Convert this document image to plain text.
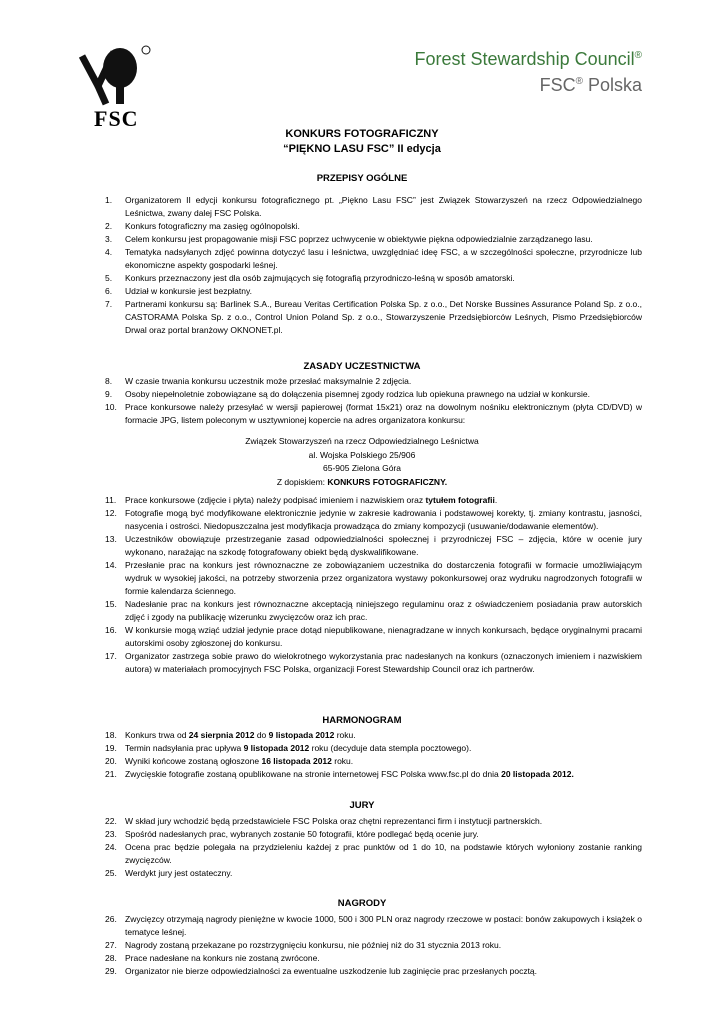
FSC
Forest Stewardship Council®
FSC® Polska
KONKURS FOTOGRAFICZNY
“PIĘKNO LASU FSC” II edycja
PRZEPISY OGÓLNE
1. Organizatorem II edycji konkursu fotograficznego pt. „Piękno Lasu FSC” jest Związek Stowarzyszeń na rzecz Odpowiedzialnego Leśnictwa, zwany dalej FSC Polska.
2. Konkurs fotograficzny ma zasięg ogólnopolski.
3. Celem konkursu jest propagowanie misji FSC poprzez uchwycenie w obiektywie piękna odpowiedzialnie zarządzanego lasu.
4. Tematyka nadsyłanych zdjęć powinna dotyczyć lasu i leśnictwa, uwzględniać ideę FSC, a w szczególności społeczne, przyrodnicze lub ekonomiczne aspekty gospodarki leśnej.
5. Konkurs przeznaczony jest dla osób zajmujących się fotografią przyrodniczo-leśną w sposób amatorski.
6. Udział w konkursie jest bezpłatny.
7. Partnerami konkursu są: Barlinek S.A., Bureau Veritas Certification Polska Sp. z o.o., Det Norske Bussines Assurance Poland Sp. z o.o., CASTORAMA Polska Sp. z o.o., Control Union Poland Sp. z o.o., Stowarzyszenie Przedsiębiorców Leśnych, Pismo Przedsiębiorców Drwal oraz portal branżowy OKNONET.pl.
ZASADY UCZESTNICTWA
8. W czasie trwania konkursu uczestnik może przesłać maksymalnie 2 zdjęcia.
9. Osoby niepełnoletnie zobowiązane są do dołączenia pisemnej zgody rodzica lub opiekuna prawnego na udział w konkursie.
10. Prace konkursowe należy przesyłać w wersji papierowej (format 15x21) oraz na dowolnym nośniku elektronicznym (płyta CD/DVD) w formacie JPG, listem poleconym w usztywnionej kopercie na adres organizatora konkursu:
Związek Stowarzyszeń na rzecz Odpowiedzialnego Leśnictwa
al. Wojska Polskiego 25/906
65-905 Zielona Góra
Z dopiskiem: KONKURS FOTOGRAFICZNY.
11. Prace konkursowe (zdjęcie i płyta) należy podpisać imieniem i nazwiskiem oraz tytułem fotografii.
12. Fotografie mogą być modyfikowane elektronicznie jedynie w zakresie kadrowania i podstawowej korekty, tj. zmiany kontrastu, jasności, nasycenia i ostrości. Niedopuszczalna jest modyfikacja prowadząca do zmiany kompozycji (usuwanie/dodawanie elementów).
13. Uczestników obowiązuje przestrzeganie zasad odpowiedzialności społecznej i przyrodniczej FSC – zdjęcia, które w ocenie jury wykonano, narażając na szkodę fotografowany obiekt będą dyskwalifikowane.
14. Przesłanie prac na konkurs jest równoznaczne ze zobowiązaniem uczestnika do dostarczenia fotografii w formacie umożliwiającym wydruk w wysokiej jakości, na potrzeby stworzenia przez organizatora wystawy pokonkursowej oraz wydruku nagrodzonych fotografii w formie kalendarza ściennego.
15. Nadesłanie prac na konkurs jest równoznaczne akceptacją niniejszego regulaminu oraz z oświadczeniem posiadania praw autorskich zdjęć i zgody na publikację wizerunku zwycięzców oraz ich prac.
16. W konkursie mogą wziąć udział jedynie prace dotąd niepublikowane, nienagradzane w innych konkursach, będące oryginalnymi pracami autorskimi osoby zgłoszonej do konkursu.
17. Organizator zastrzega sobie prawo do wielokrotnego wykorzystania prac nadesłanych na konkurs (oznaczonych imieniem i nazwiskiem autora) w materiałach promocyjnych FSC Polska, organizacji Forest Stewardship Council oraz ich partnerów.
HARMONOGRAM
18. Konkurs trwa od 24 sierpnia 2012 do 9 listopada 2012 roku.
19. Termin nadsyłania prac upływa 9 listopada 2012 roku (decyduje data stempla pocztowego).
20. Wyniki końcowe zostaną ogłoszone 16 listopada 2012 roku.
21. Zwycięskie fotografie zostaną opublikowane na stronie internetowej FSC Polska www.fsc.pl do dnia 20 listopada 2012.
JURY
22. W skład jury wchodzić będą przedstawiciele FSC Polska oraz chętni reprezentanci firm i instytucji partnerskich.
23. Spośród nadesłanych prac, wybranych zostanie 50 fotografii, które podlegać będą ocenie jury.
24. Ocena prac będzie polegała na przydzieleniu każdej z prac punktów od 1 do 10, na podstawie których wyłoniony zostanie ranking zwycięzców.
25. Werdykt jury jest ostateczny.
NAGRODY
26. Zwycięzcy otrzymają nagrody pieniężne w kwocie 1000, 500 i 300 PLN oraz nagrody rzeczowe w postaci: bonów zakupowych i książek o tematyce leśnej.
27. Nagrody zostaną przekazane po rozstrzygnięciu konkursu, nie później niż do 31 stycznia 2013 roku.
28. Prace nadesłane na konkurs nie zostaną zwrócone.
29. Organizator nie bierze odpowiedzialności za ewentualne uszkodzenie lub zaginięcie prac przesłanych pocztą.
